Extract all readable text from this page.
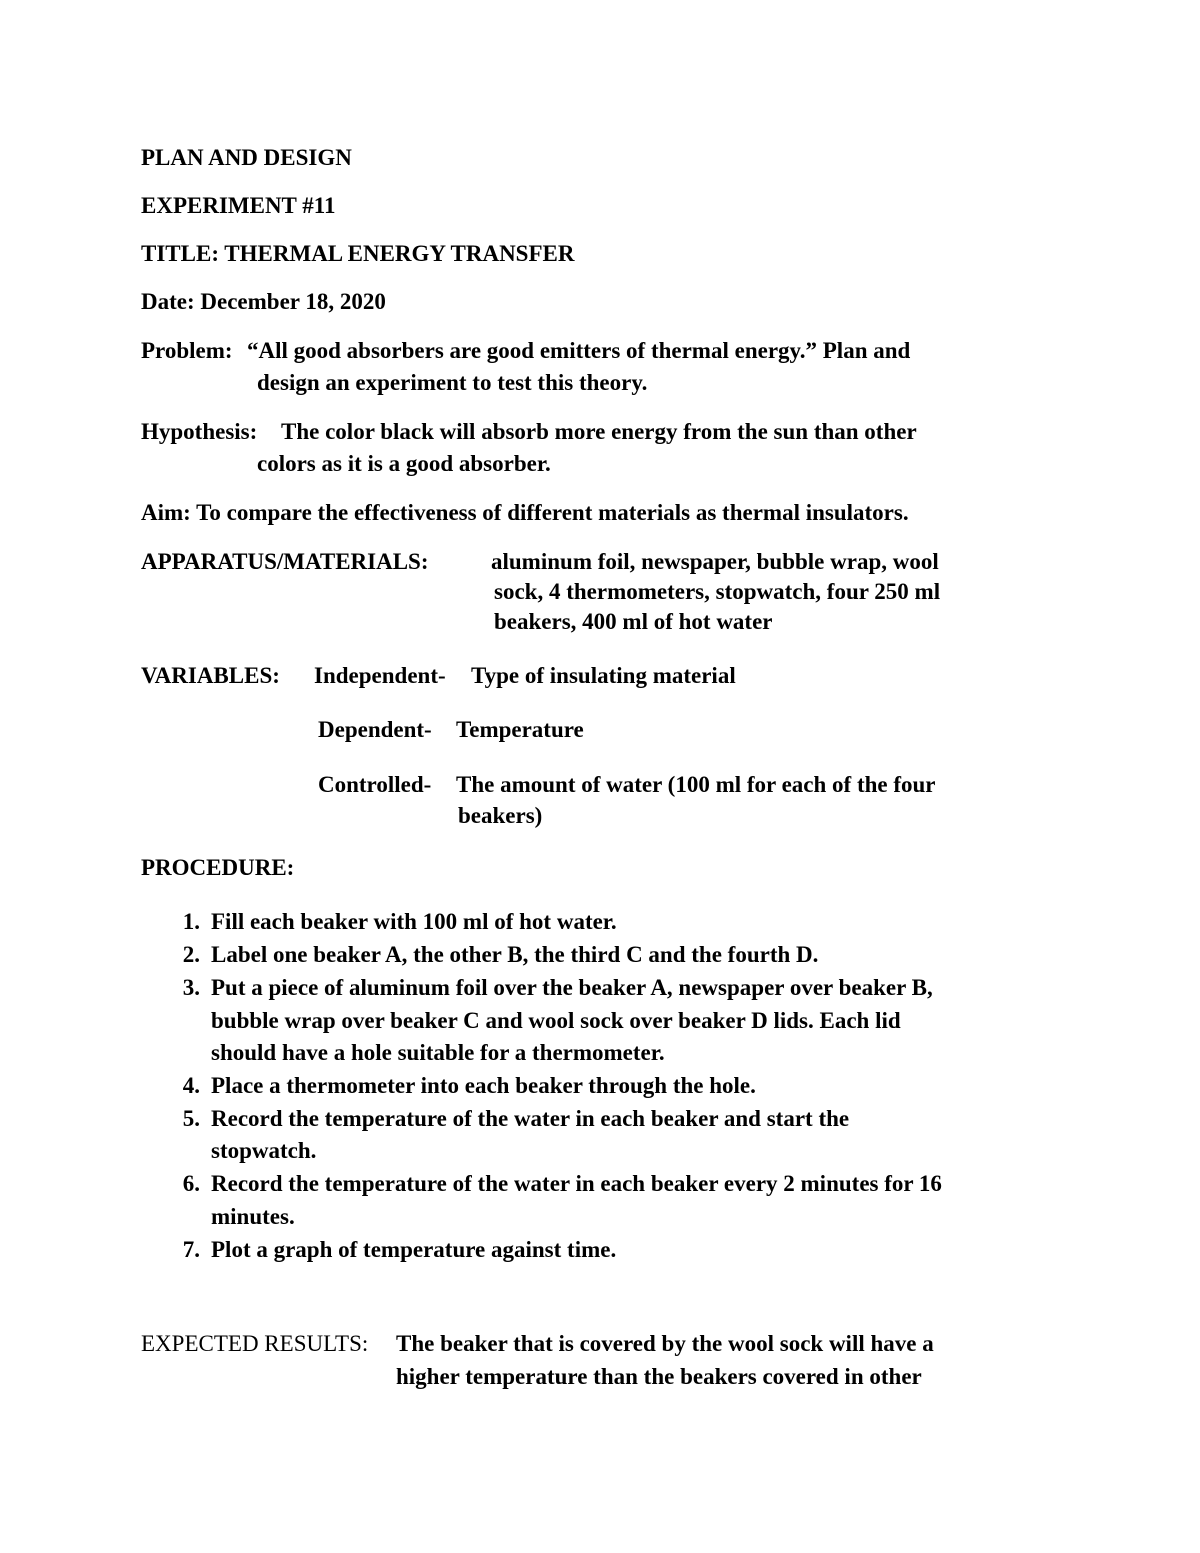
PLAN AND DESIGN
EXPERIMENT #11
TITLE: THERMAL ENERGY TRANSFER
Date: December 18, 2020
Problem: “All good absorbers are good emitters of thermal energy.” Plan and
design an experiment to test this theory.
Hypothesis: The color black will absorb more energy from the sun than other
colors as it is a good absorber.
Aim: To compare the effectiveness of different materials as thermal insulators.
APPARATUS/MATERIALS:	aluminum foil, newspaper, bubble wrap, wool
sock, 4 thermometers, stopwatch, four 250 ml
beakers, 400 ml of hot water
VARIABLES: Independent- Type of insulating material
Dependent- Temperature
Controlled- The amount of water (100 ml for each of the four
beakers)
PROCEDURE:
1. Fill each beaker with 100 ml of hot water.
2. Label one beaker A, the other B, the third C and the fourth D.
3. Put a piece of aluminum foil over the beaker A, newspaper over beaker B,
bubble wrap over beaker C and wool sock over beaker D lids. Each lid
should have a hole suitable for a thermometer.
4. Place a thermometer into each beaker through the hole.
5. Record the temperature of the water in each beaker and start the
stopwatch.
6. Record the temperature of the water in each beaker every 2 minutes for 16
minutes.
7. Plot a graph of temperature against time.
EXPECTED RESULTS: The beaker that is covered by the wool sock will have a
higher temperature than the beakers covered in other
